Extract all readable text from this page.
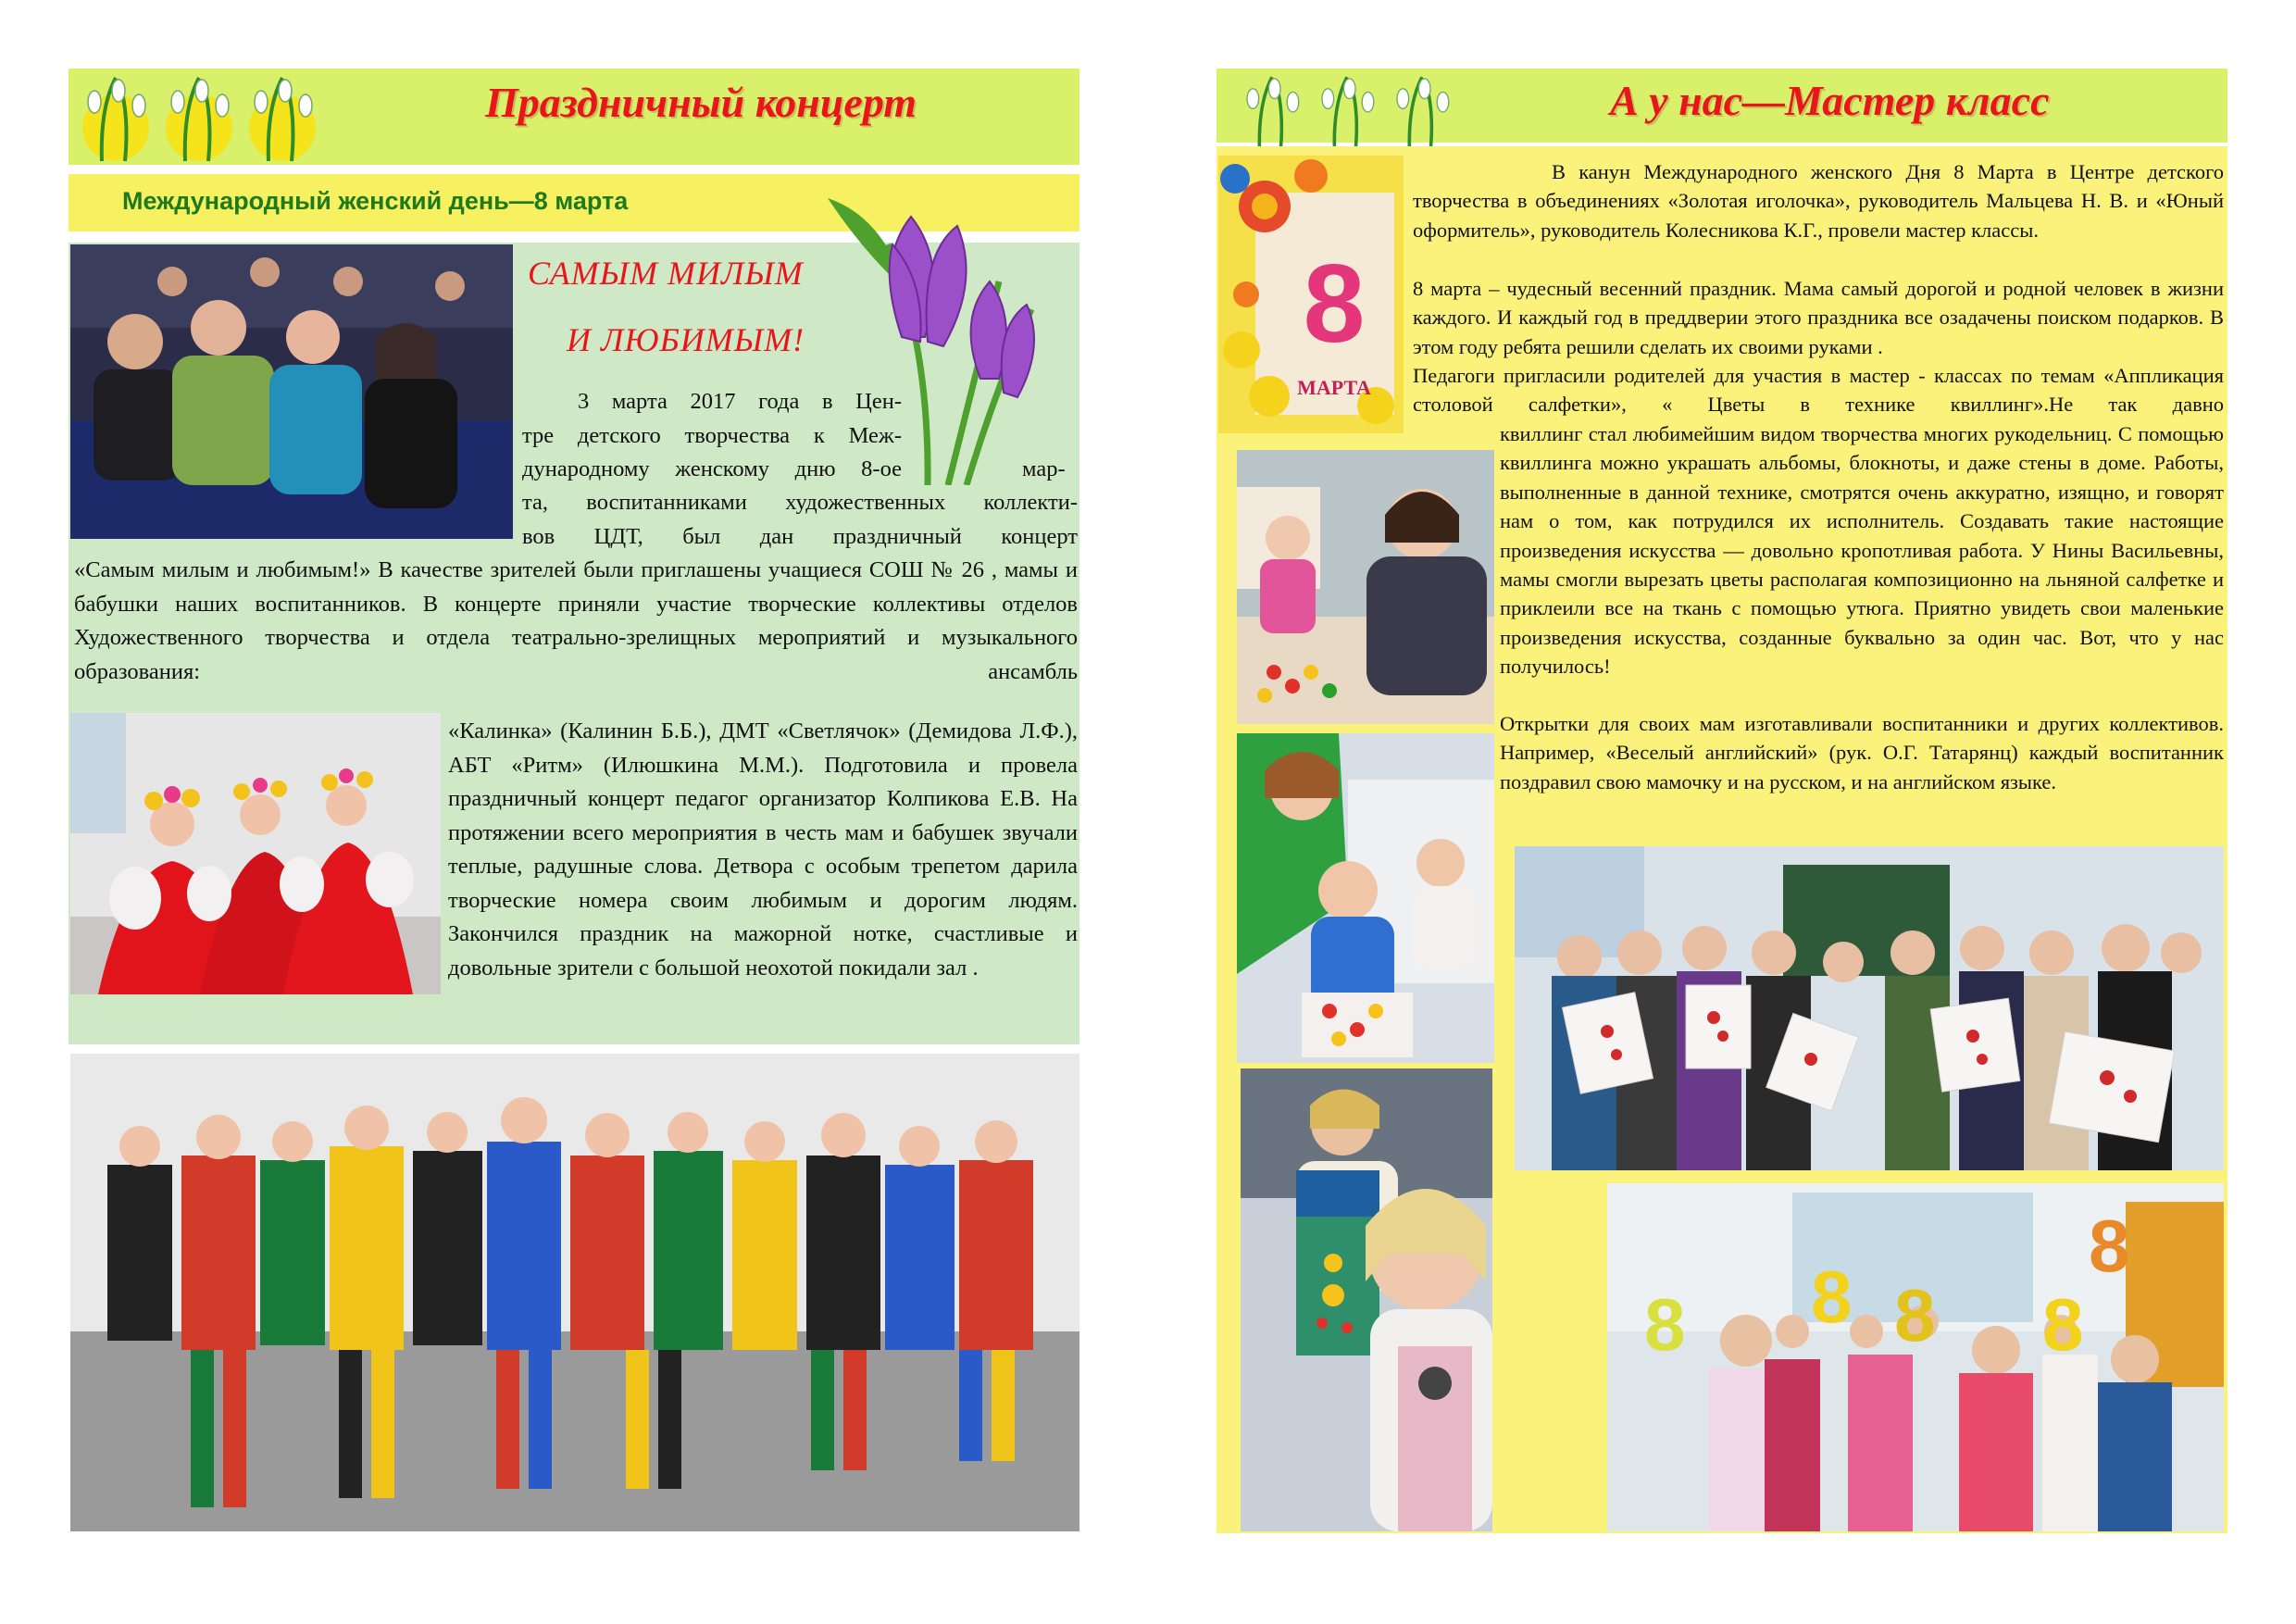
Праздничный концерт
Международный женский день—8 марта
САМЫМ МИЛЫМ
И ЛЮБИМЫМ!
3 марта 2017 года в Цен-
тре детского творчества к Меж-
дународному женскому дню 8-ое	мар-
та, воспитанниками художественных коллекти-
вов ЦДТ, был дан праздничный концерт
«Самым милым и любимым!» В качестве зрителей были приглашены учащиеся СОШ № 26 , мамы и бабушки наших воспитанников. В концерте приняли участие творческие коллективы отделов Художественного творчества и отдела театрально-зрелищных мероприятий и музыкального образования: ансамбль
«Калинка» (Калинин Б.Б.), ДМТ «Светлячок» (Демидова Л.Ф.), АБТ «Ритм» (Илюшкина М.М.). Подготовила и провела праздничный концерт педагог организатор Колпикова Е.В. На протяжении всего мероприятия в честь мам и бабушек звучали теплые, радушные слова. Детвора с особым трепетом дарила творческие номера своим любимым и дорогим людям. Закончился праздник на мажорной нотке, счастливые и довольные зрители с большой неохотой покидали зал .
А у нас—Мастер класс
8
МАРТА
В канун Международного женского Дня 8 Марта в Центре детского творчества в объединениях «Золотая иголочка», руководитель Мальцева Н. В. и «Юный оформитель», руководитель Колесникова К.Г., провели мастер классы.
8 марта – чудесный весенний праздник. Мама самый дорогой и родной человек в жизни каждого. И каждый год в преддверии этого праздника все озадачены поиском подарков. В этом году ребята решили сделать их своими руками .
Педагоги пригласили родителей для участия в мастер - классах по темам «Аппликация столовой салфетки», « Цветы в технике квиллинг».Не так давно
квиллинг стал любимейшим видом творчества многих рукодельниц. С помощью квиллинга можно украшать альбомы, блокноты, и даже стены в доме. Работы, выполненные в данной технике, смотрятся очень аккуратно, изящно, и говорят нам о том, как потрудился их исполнитель. Создавать такие настоящие произведения искусства — довольно кропотливая работа. У Нины Васильевны, мамы смогли вырезать цветы располагая композиционно на льняной салфетке и приклеили все на ткань с помощью утюга. Приятно увидеть свои маленькие произведения искусства, созданные буквально за один час. Вот, что у нас получилось!
Открытки для своих мам изготавливали воспитанники и других коллективов. Например, «Веселый английский» (рук. О.Г. Татарянц) каждый воспитанник поздравил свою мамочку и на русском, и на английском языке.
8 8 8 8
8
